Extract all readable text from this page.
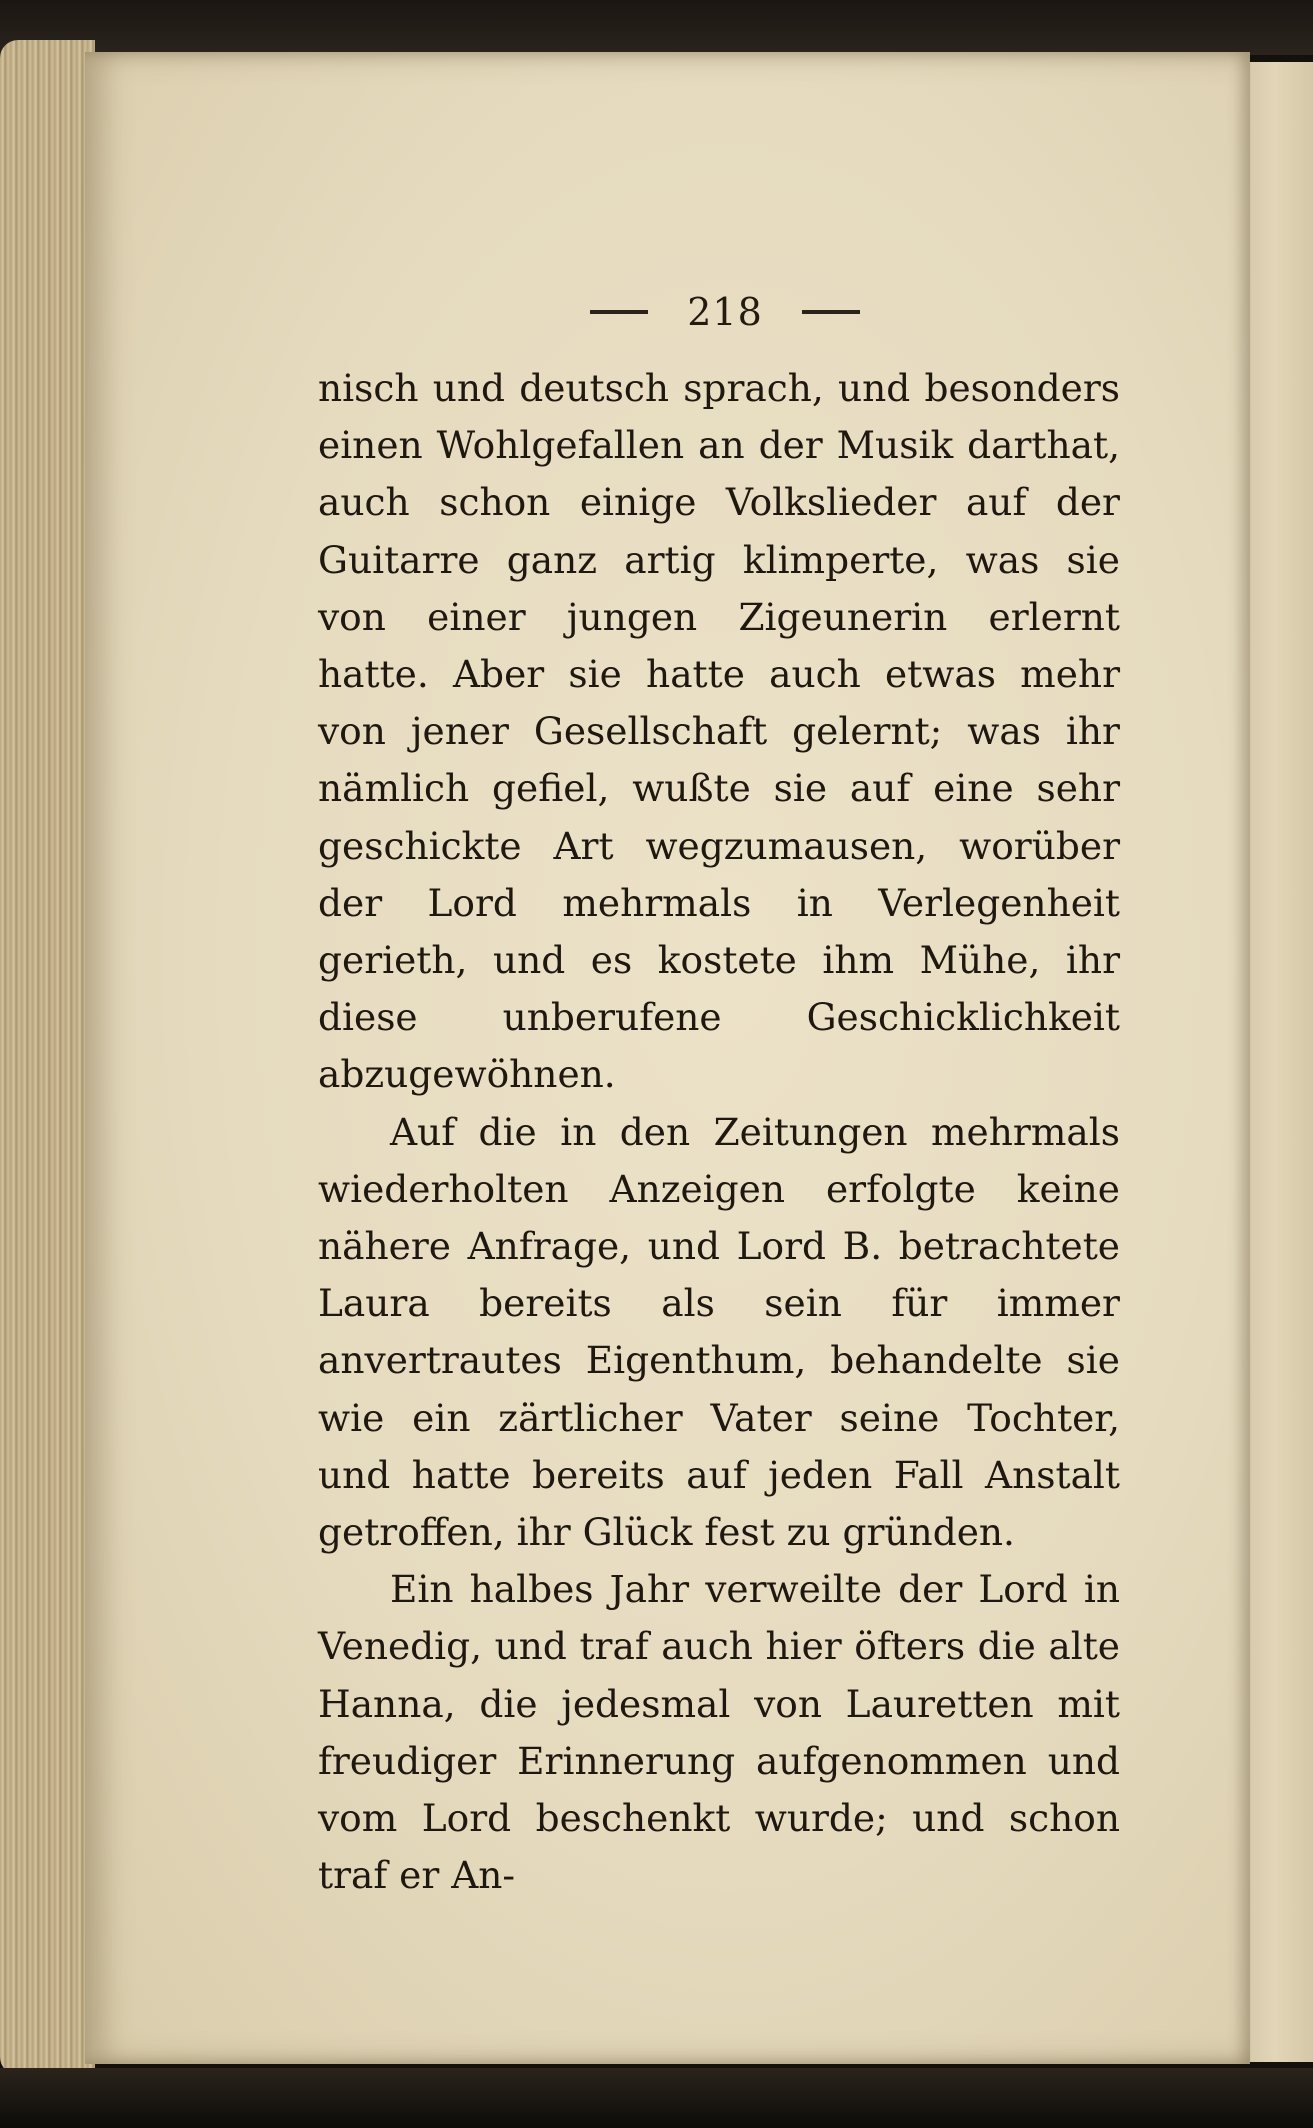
218

nisch und deutsch sprach, und besonders einen Wohlgefallen an der Musik darthat, auch schon einige Volkslieder auf der Guitarre ganz artig klimperte, was sie von einer jungen Zigeunerin erlernt hatte. Aber sie hatte auch etwas mehr von jener Gesellschaft gelernt; was ihr nämlich gefiel, wußte sie auf eine sehr geschickte Art wegzumausen, worüber der Lord mehrmals in Verlegenheit gerieth, und es kostete ihm Mühe, ihr diese unberufene Geschicklichkeit abzugewöhnen.

Auf die in den Zeitungen mehrmals wiederholten Anzeigen erfolgte keine nähere Anfrage, und Lord B. betrachtete Laura bereits als sein für immer anvertrautes Eigenthum, behandelte sie wie ein zärtlicher Vater seine Tochter, und hatte bereits auf jeden Fall Anstalt getroffen, ihr Glück fest zu gründen.

Ein halbes Jahr verweilte der Lord in Venedig, und traf auch hier öfters die alte Hanna, die jedesmal von Lauretten mit freudiger Erinnerung aufgenommen und vom Lord beschenkt wurde; und schon traf er An-
